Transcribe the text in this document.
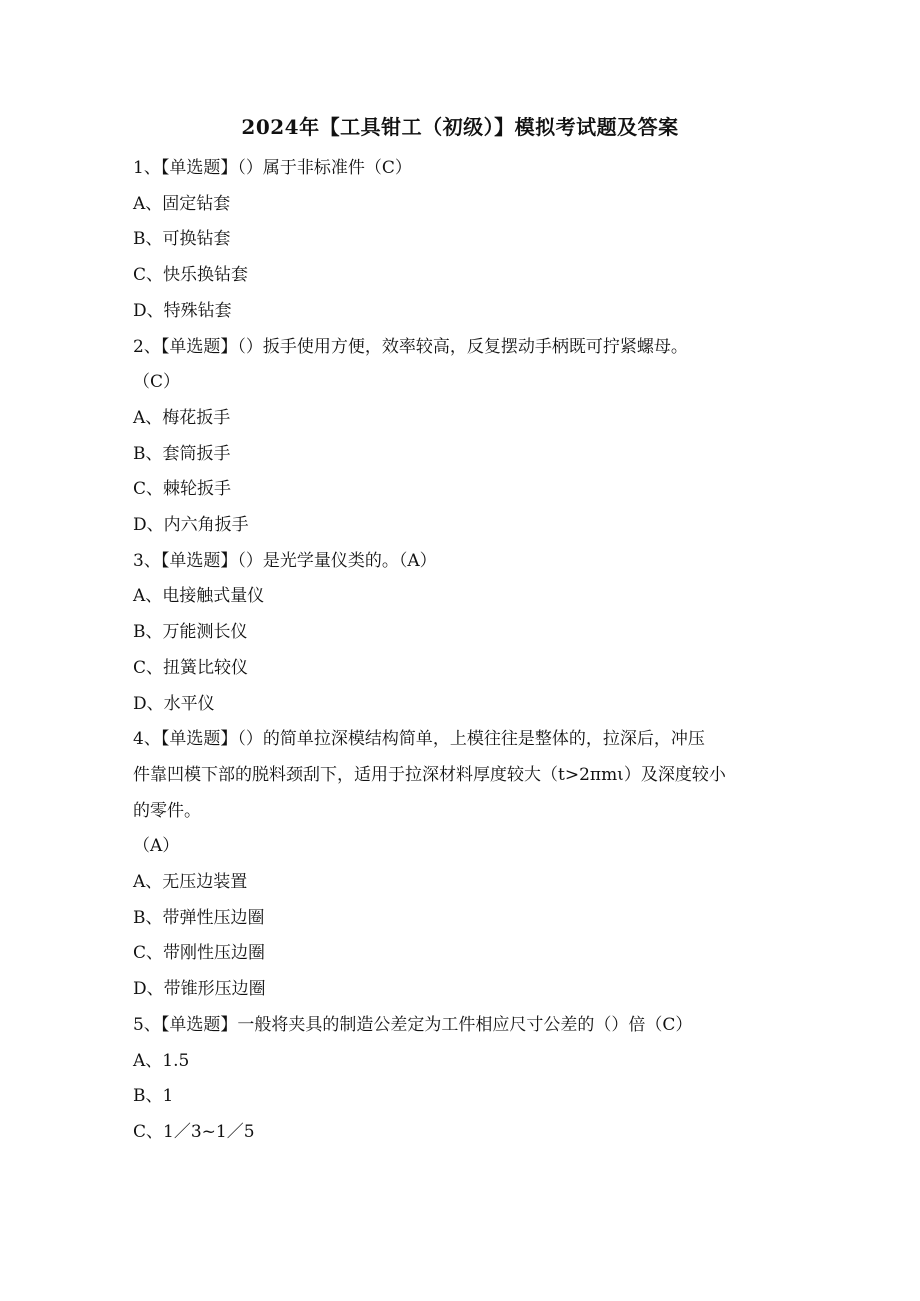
2024年【工具钳工（初级）】模拟考试题及答案
1、【单选题】（）属于非标准件（C）
A、固定钻套
B、可换钻套
C、快乐换钻套
D、特殊钻套
2、【单选题】（）扳手使用方便，效率较高，反复摆动手柄既可拧紧螺母。
（C）
A、梅花扳手
B、套筒扳手
C、棘轮扳手
D、内六角扳手
3、【单选题】（）是光学量仪类的。（A）
A、电接触式量仪
B、万能测长仪
C、扭簧比较仪
D、水平仪
4、【单选题】（）的简单拉深模结构简单，上模往往是整体的，拉深后，冲压
件靠凹模下部的脱料颈刮下，适用于拉深材料厚度较大（t>2πmι）及深度较小
的零件。
（A）
A、无压边装置
B、带弹性压边圈
C、带刚性压边圈
D、带锥形压边圈
5、【单选题】一般将夹具的制造公差定为工件相应尺寸公差的（）倍（C）
A、1.5
B、1
C、1／3~1／5
